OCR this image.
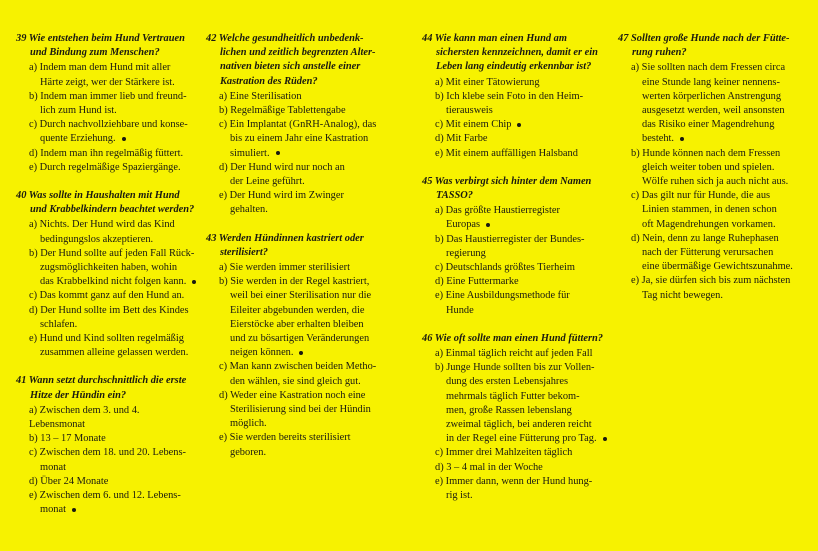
39 Wie entstehen beim Hund Vertrauen
und Bindung zum Menschen?
a) Indem man dem Hund mit aller
Härte zeigt, wer der Stärkere ist.
b) Indem man immer lieb und freund-
lich zum Hund ist.
c) Durch nachvollziehbare und konse-
quente Erziehung.
d) Indem man ihn regelmäßig füttert.
e) Durch regelmäßige Spaziergänge.
40 Was sollte in Haushalten mit Hund
und Krabbelkindern beachtet werden?
a) Nichts. Der Hund wird das Kind
bedingungslos akzeptieren.
b) Der Hund sollte auf jeden Fall Rück-
zugsmöglichkeiten haben, wohin
das Krabbelkind nicht folgen kann.
c) Das kommt ganz auf den Hund an.
d) Der Hund sollte im Bett des Kindes
schlafen.
e) Hund und Kind sollten regelmäßig
zusammen alleine gelassen werden.
41 Wann setzt durchschnittlich die erste
Hitze der Hündin ein?
a) Zwischen dem 3. und 4. Lebensmonat
b) 13 – 17 Monate
c) Zwischen dem 18. und 20. Lebens-
monat
d) Über 24 Monate
e) Zwischen dem 6. und 12. Lebens-
monat
42 Welche gesundheitlich unbedenk-
lichen und zeitlich begrenzten Alter-
nativen bieten sich anstelle einer
Kastration des Rüden?
a) Eine Sterilisation
b) Regelmäßige Tablettengabe
c) Ein Implantat (GnRH-Analog), das
bis zu einem Jahr eine Kastration
simuliert.
d) Der Hund wird nur noch an
der Leine geführt.
e) Der Hund wird im Zwinger
gehalten.
43 Werden Hündinnen kastriert oder
sterilisiert?
a) Sie werden immer sterilisiert
b) Sie werden in der Regel kastriert,
weil bei einer Sterilisation nur die
Eileiter abgebunden werden, die
Eierstöcke aber erhalten bleiben
und zu bösartigen Veränderungen
neigen können.
c) Man kann zwischen beiden Metho-
den wählen, sie sind gleich gut.
d) Weder eine Kastration noch eine
Sterilisierung sind bei der Hündin
möglich.
e) Sie werden bereits sterilisiert
geboren.
44 Wie kann man einen Hund am
sichersten kennzeichnen, damit er ein
Leben lang eindeutig erkennbar ist?
a) Mit einer Tätowierung
b) Ich klebe sein Foto in den Heim-
tierausweis
c) Mit einem Chip
d) Mit Farbe
e) Mit einem auffälligen Halsband
45 Was verbirgt sich hinter dem Namen
TASSO?
a) Das größte Haustierregister
Europas
b) Das Haustierregister der Bundes-
regierung
c) Deutschlands größtes Tierheim
d) Eine Futtermarke
e) Eine Ausbildungsmethode für
Hunde
46 Wie oft sollte man einen Hund füttern?
a) Einmal täglich reicht auf jeden Fall
b) Junge Hunde sollten bis zur Vollen-
dung des ersten Lebensjahres
mehrmals täglich Futter bekom-
men, große Rassen lebenslang
zweimal täglich, bei anderen reicht
in der Regel eine Fütterung pro Tag.
c) Immer drei Mahlzeiten täglich
d) 3 – 4 mal in der Woche
e) Immer dann, wenn der Hund hung-
rig ist.
47 Sollten große Hunde nach der Fütte-
rung ruhen?
a) Sie sollten nach dem Fressen circa
eine Stunde lang keiner nennens-
werten körperlichen Anstrengung
ausgesetzt werden, weil ansonsten
das Risiko einer Magendrehung
besteht.
b) Hunde können nach dem Fressen
gleich weiter toben und spielen.
Wölfe ruhen sich ja auch nicht aus.
c) Das gilt nur für Hunde, die aus
Linien stammen, in denen schon
oft Magendrehungen vorkamen.
d) Nein, denn zu lange Ruhephasen
nach der Fütterung verursachen
eine übermäßige Gewichtszunahme.
e) Ja, sie dürfen sich bis zum nächsten
Tag nicht bewegen.
